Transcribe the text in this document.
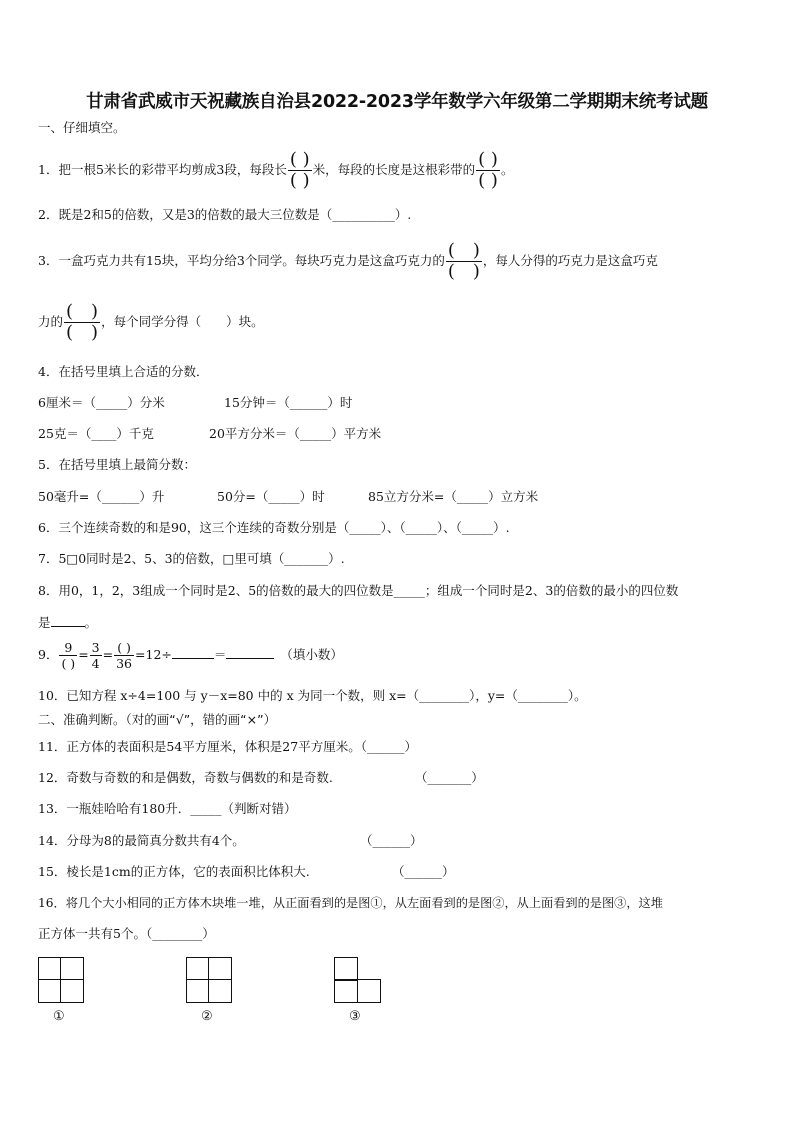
甘肃省武威市天祝藏族自治县2022-2023学年数学六年级第二学期期末统考试题
一、仔细填空。
1．把一根5米长的彩带平均剪成3段，每段长 $\frac{( )}{( )}$ 米，每段的长度是这根彩带的 $\frac{( )}{( )}$ 。
2．既是2和5的倍数，又是3的倍数的最大三位数是（__________）.
3．一盒巧克力共有15块，平均分给3个同学。每块巧克力是这盒巧克力的 $\frac{( )}{( )}$ ，每人分得的巧克力是这盒巧克
力的 $\frac{( )}{( )}$ ，每个同学分得（　　）块。
4．在括号里填上合适的分数．
6厘米＝（_____）分米	15分钟＝（______）时
25克＝（____）千克	20平方分米＝（_____）平方米
5．在括号里填上最简分数：
50毫升=（______）升	50分=（_____）时	85立方分米=（_____）立方米
6．三个连续奇数的和是90，这三个连续的奇数分别是（_____）、（_____）、（_____）.
7．5□0同时是2、5、3的倍数，□里可填（_______）.
8．用0，1，2，3组成一个同时是2、5的倍数的最大的四位数是_____；组成一个同时是2、3的倍数的最小的四位数
是	。
9． $\frac{9}{( )} = \frac{3}{4} = \frac{( )}{36} =12\div$	＝	（填小数）
10．已知方程 x÷4=100 与 y－x=80 中的 x 为同一个数，则 x=（________），y=（________）。
二、准确判断。（对的画“√”，错的画“×”）
11．正方体的表面积是54平方厘米，体积是27平方厘米。（______）
12．奇数与奇数的和是偶数，奇数与偶数的和是奇数.	（_______）
13．一瓶娃哈哈有180升．_____（判断对错）
14．分母为8的最简真分数共有4个。	（______）
15．棱长是1cm的正方体，它的表面积比体积大.	（______）
16．将几个大小相同的正方体木块堆一堆，从正面看到的是图①，从左面看到的是图②，从上面看到的是图③，这堆
正方体一共有5个。（________）
①	②	③
